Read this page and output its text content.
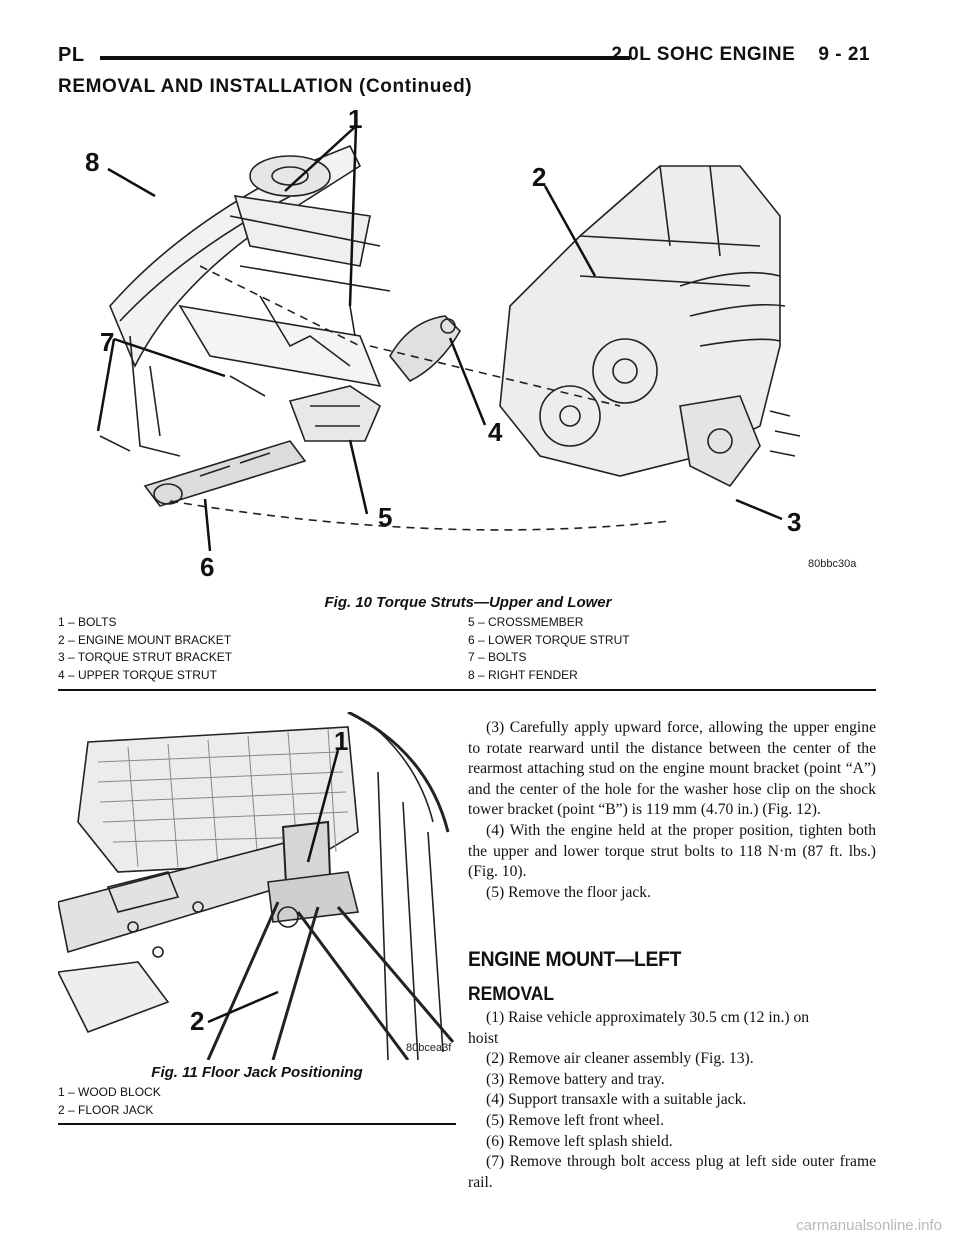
PL	2.0L SOHC ENGINE    9 - 21
REMOVAL AND INSTALLATION (Continued)
1
2
3
4
5
6
7
8
80bbc30a
Fig. 10 Torque Struts—Upper and Lower
1 – BOLTS
2 – ENGINE MOUNT BRACKET
3 – TORQUE STRUT BRACKET
4 – UPPER TORQUE STRUT
5 – CROSSMEMBER
6 – LOWER TORQUE STRUT
7 – BOLTS
8 – RIGHT FENDER
1
2
80bcea3f
Fig. 11 Floor Jack Positioning
1 – WOOD BLOCK
2 – FLOOR JACK

(3) Carefully apply upward force, allowing the upper engine to rotate rearward until the distance between the center of the rearmost attaching stud on the engine mount bracket (point “A”) and the center of the hole for the washer hose clip on the shock tower bracket (point “B”) is 119 mm (4.70 in.) (Fig. 12).

(4) With the engine held at the proper position, tighten both the upper and lower torque strut bolts to 118 N·m (87 ft. lbs.) (Fig. 10).

(5) Remove the floor jack.

ENGINE MOUNT—LEFT
REMOVAL

(1) Raise vehicle approximately 30.5 cm (12 in.) on

hoist

(2) Remove air cleaner assembly (Fig. 13).

(3) Remove battery and tray.

(4) Support transaxle with a suitable jack.

(5) Remove left front wheel.

(6) Remove left splash shield.

(7) Remove through bolt access plug at left side outer frame rail.

carmanualsonline.info
